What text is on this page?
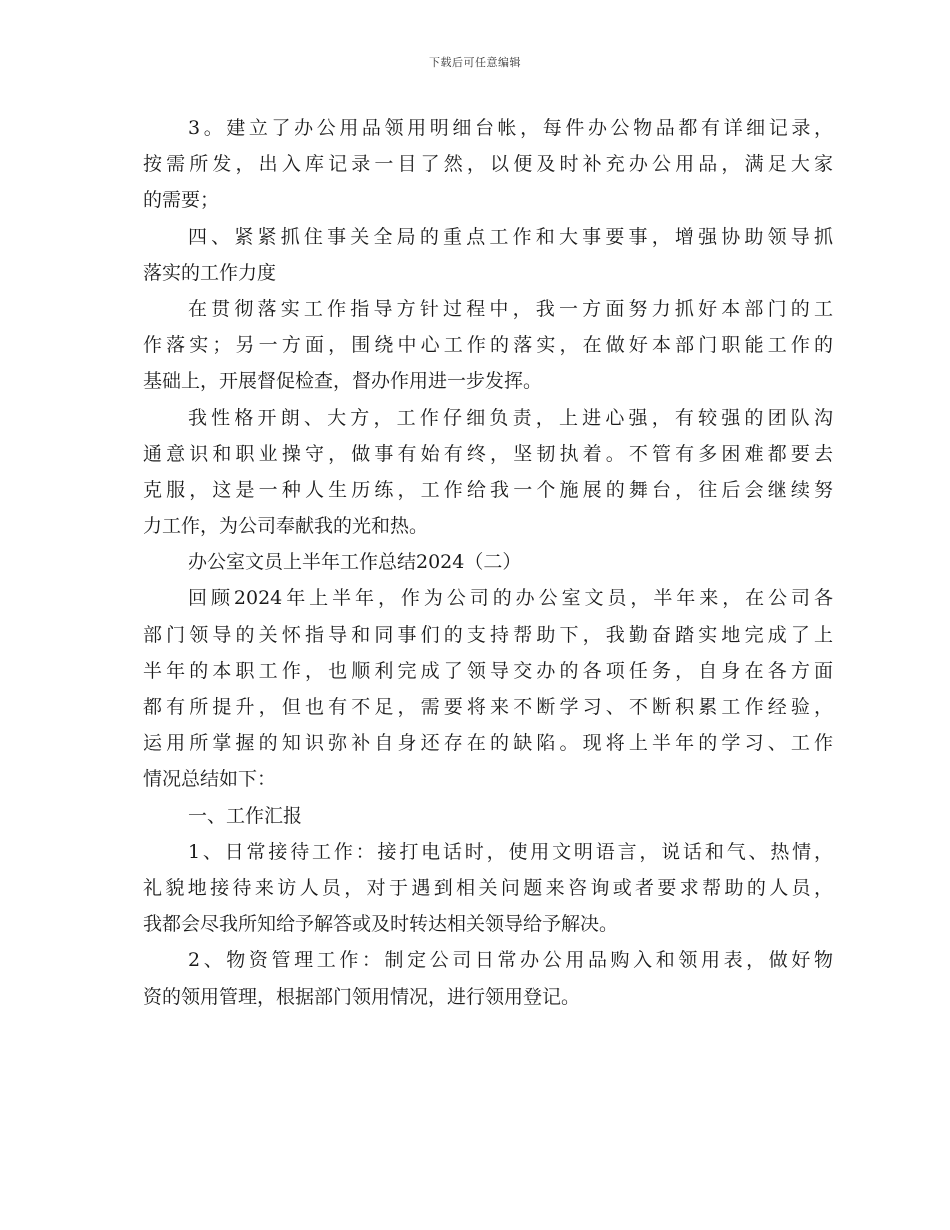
下载后可任意编辑
3。建立了办公用品领用明细台帐，每件办公物品都有详细记录，
按需所发，出入库记录一目了然，以便及时补充办公用品，满足大家
的需要；
四、紧紧抓住事关全局的重点工作和大事要事，增强协助领导抓
落实的工作力度
在贯彻落实工作指导方针过程中，我一方面努力抓好本部门的工
作落实；另一方面，围绕中心工作的落实，在做好本部门职能工作的
基础上，开展督促检查，督办作用进一步发挥。
我性格开朗、大方，工作仔细负责，上进心强，有较强的团队沟
通意识和职业操守，做事有始有终，坚韧执着。不管有多困难都要去
克服，这是一种人生历练，工作给我一个施展的舞台，往后会继续努
力工作，为公司奉献我的光和热。
办公室文员上半年工作总结2024（二）
回顾2024年上半年，作为公司的办公室文员，半年来，在公司各
部门领导的关怀指导和同事们的支持帮助下，我勤奋踏实地完成了上
半年的本职工作，也顺利完成了领导交办的各项任务，自身在各方面
都有所提升，但也有不足，需要将来不断学习、不断积累工作经验，
运用所掌握的知识弥补自身还存在的缺陷。现将上半年的学习、工作
情况总结如下：
一、工作汇报
1、日常接待工作：接打电话时，使用文明语言，说话和气、热情，
礼貌地接待来访人员，对于遇到相关问题来咨询或者要求帮助的人员，
我都会尽我所知给予解答或及时转达相关领导给予解决。
2、物资管理工作：制定公司日常办公用品购入和领用表，做好物
资的领用管理，根据部门领用情况，进行领用登记。
